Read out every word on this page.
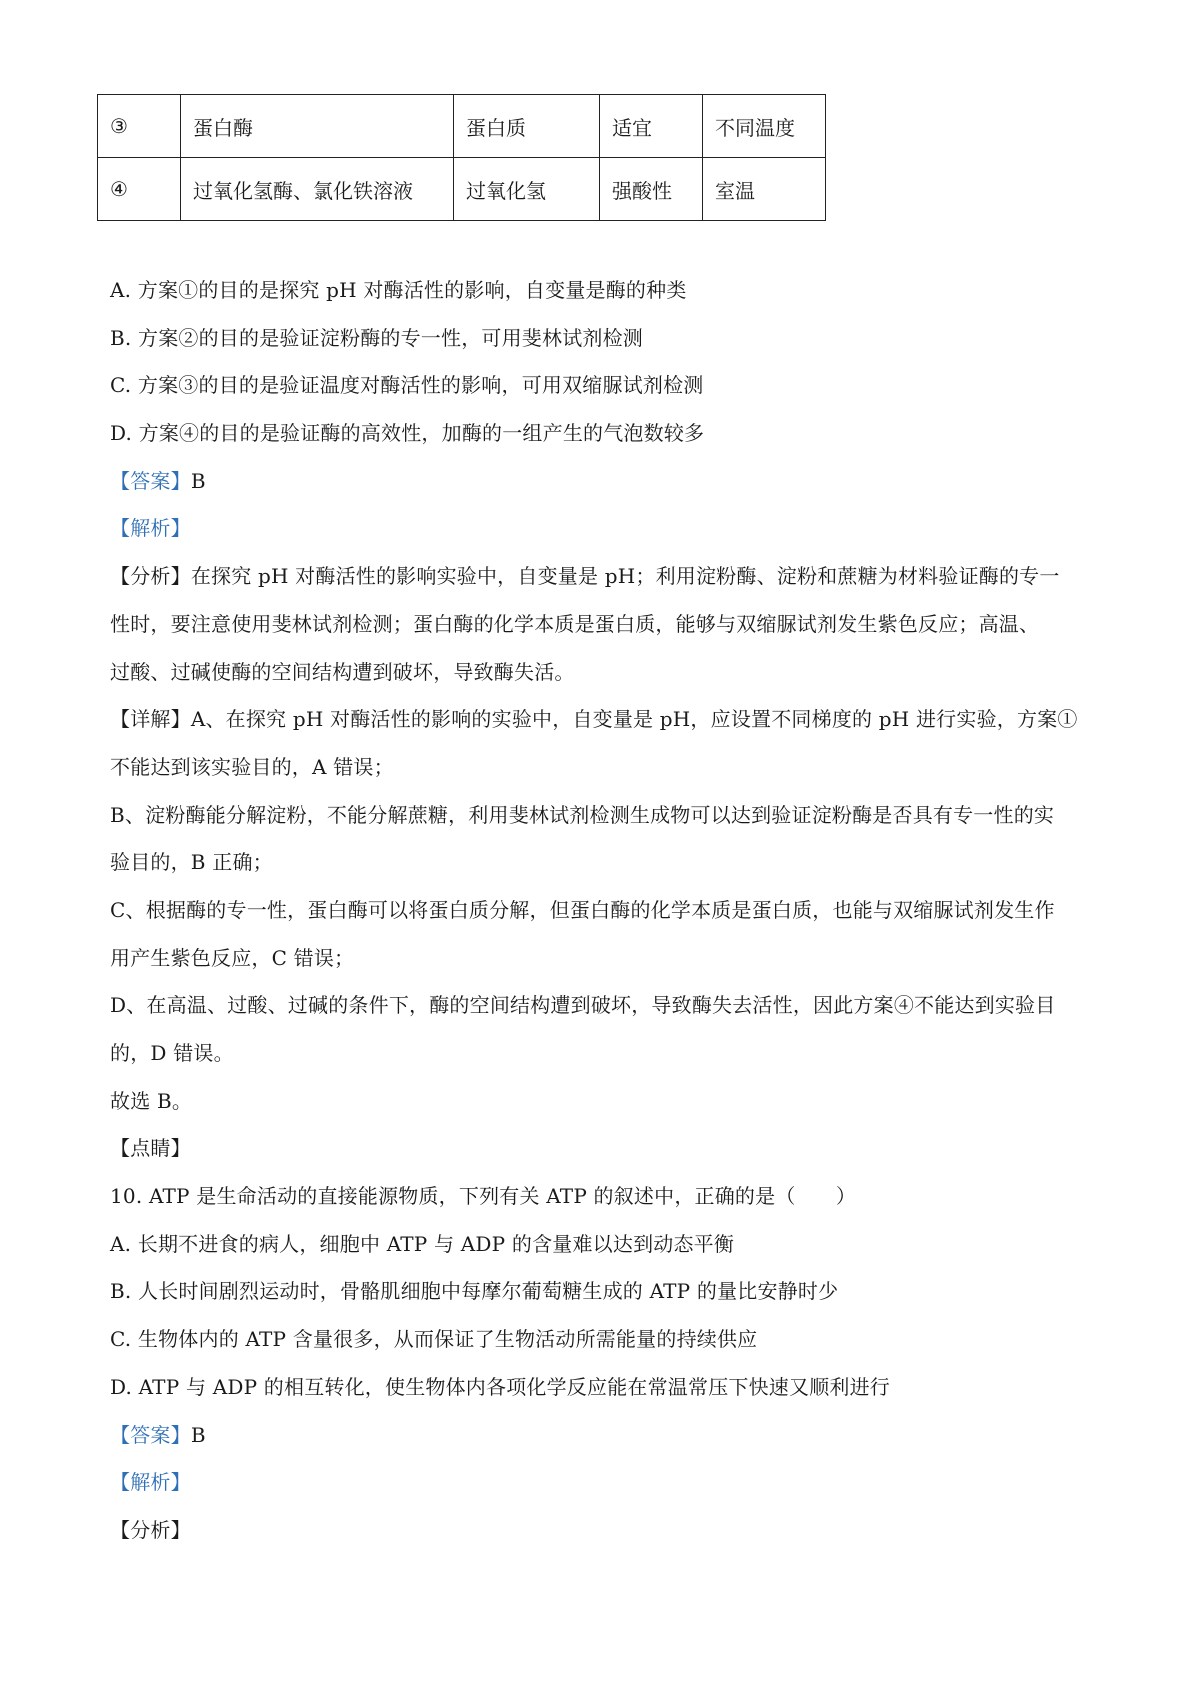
③	蛋白酶	蛋白质	适宜	不同温度
④	过氧化氢酶、氯化铁溶液	过氧化氢	强酸性	室温
A. 方案①的目的是探究 pH 对酶活性的影响，自变量是酶的种类
B. 方案②的目的是验证淀粉酶的专一性，可用斐林试剂检测
C. 方案③的目的是验证温度对酶活性的影响，可用双缩脲试剂检测
D. 方案④的目的是验证酶的高效性，加酶的一组产生的气泡数较多
【答案】B
【解析】
【分析】在探究 pH 对酶活性的影响实验中，自变量是 pH；利用淀粉酶、淀粉和蔗糖为材料验证酶的专一
性时，要注意使用斐林试剂检测；蛋白酶的化学本质是蛋白质，能够与双缩脲试剂发生紫色反应；高温、
过酸、过碱使酶的空间结构遭到破坏，导致酶失活。
【详解】A、在探究 pH 对酶活性的影响的实验中，自变量是 pH，应设置不同梯度的 pH 进行实验，方案①
不能达到该实验目的，A 错误；
B、淀粉酶能分解淀粉，不能分解蔗糖，利用斐林试剂检测生成物可以达到验证淀粉酶是否具有专一性的实
验目的，B 正确；
C、根据酶的专一性，蛋白酶可以将蛋白质分解，但蛋白酶的化学本质是蛋白质，也能与双缩脲试剂发生作
用产生紫色反应，C 错误；
D、在高温、过酸、过碱的条件下，酶的空间结构遭到破坏，导致酶失去活性，因此方案④不能达到实验目
的，D 错误。
故选 B。
【点睛】
10. ATP 是生命活动的直接能源物质，下列有关 ATP 的叙述中，正确的是（　　）
A. 长期不进食的病人，细胞中 ATP 与 ADP 的含量难以达到动态平衡
B. 人长时间剧烈运动时，骨骼肌细胞中每摩尔葡萄糖生成的 ATP 的量比安静时少
C. 生物体内的 ATP 含量很多，从而保证了生物活动所需能量的持续供应
D. ATP 与 ADP 的相互转化，使生物体内各项化学反应能在常温常压下快速又顺利进行
【答案】B
【解析】
【分析】
